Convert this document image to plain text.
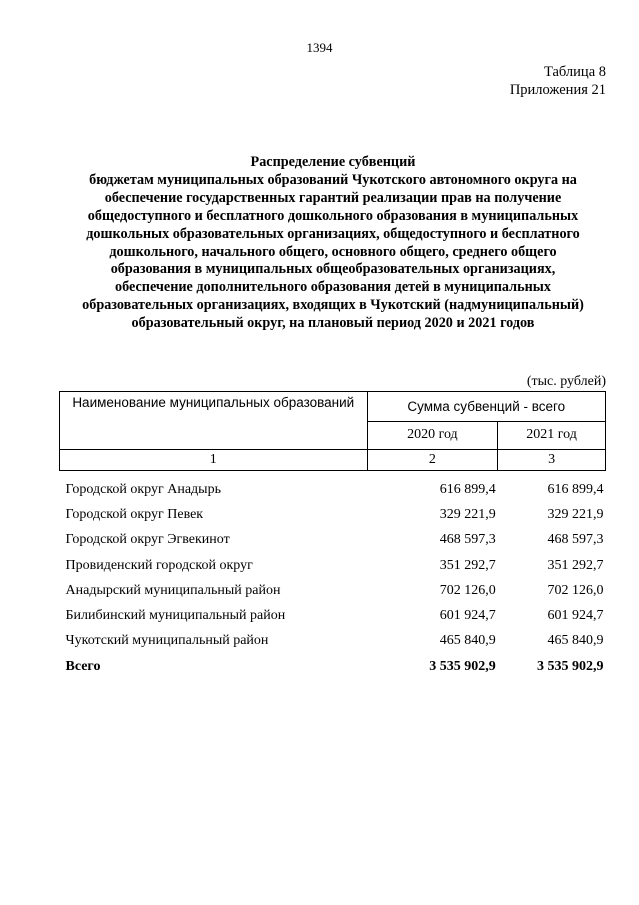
1394
Таблица 8
Приложения 21
Распределение субвенций
бюджетам муниципальных образований Чукотского автономного округа на
обеспечение государственных гарантий реализации прав на получение
общедоступного и бесплатного дошкольного образования в муниципальных
дошкольных образовательных организациях, общедоступного и бесплатного
дошкольного, начального общего, основного общего, среднего общего
образования в муниципальных общеобразовательных организациях,
обеспечение дополнительного образования детей в муниципальных
образовательных организациях, входящих в Чукотский (надмуниципальный)
образовательный округ, на плановый период 2020 и 2021 годов
(тыс. рублей)
Наименование муниципальных образований	Сумма субвенций - всего	
	2020 год	2021 год
1	2	3

Городской округ Анадырь	616 899,4	616 899,4
Городской округ Певек	329 221,9	329 221,9
Городской округ Эгвекинот	468 597,3	468 597,3
Провиденский городской округ	351 292,7	351 292,7
Анадырский муниципальный район	702 126,0	702 126,0
Билибинский муниципальный район	601 924,7	601 924,7
Чукотский муниципальный район	465 840,9	465 840,9
Всего	3 535 902,9	3 535 902,9
